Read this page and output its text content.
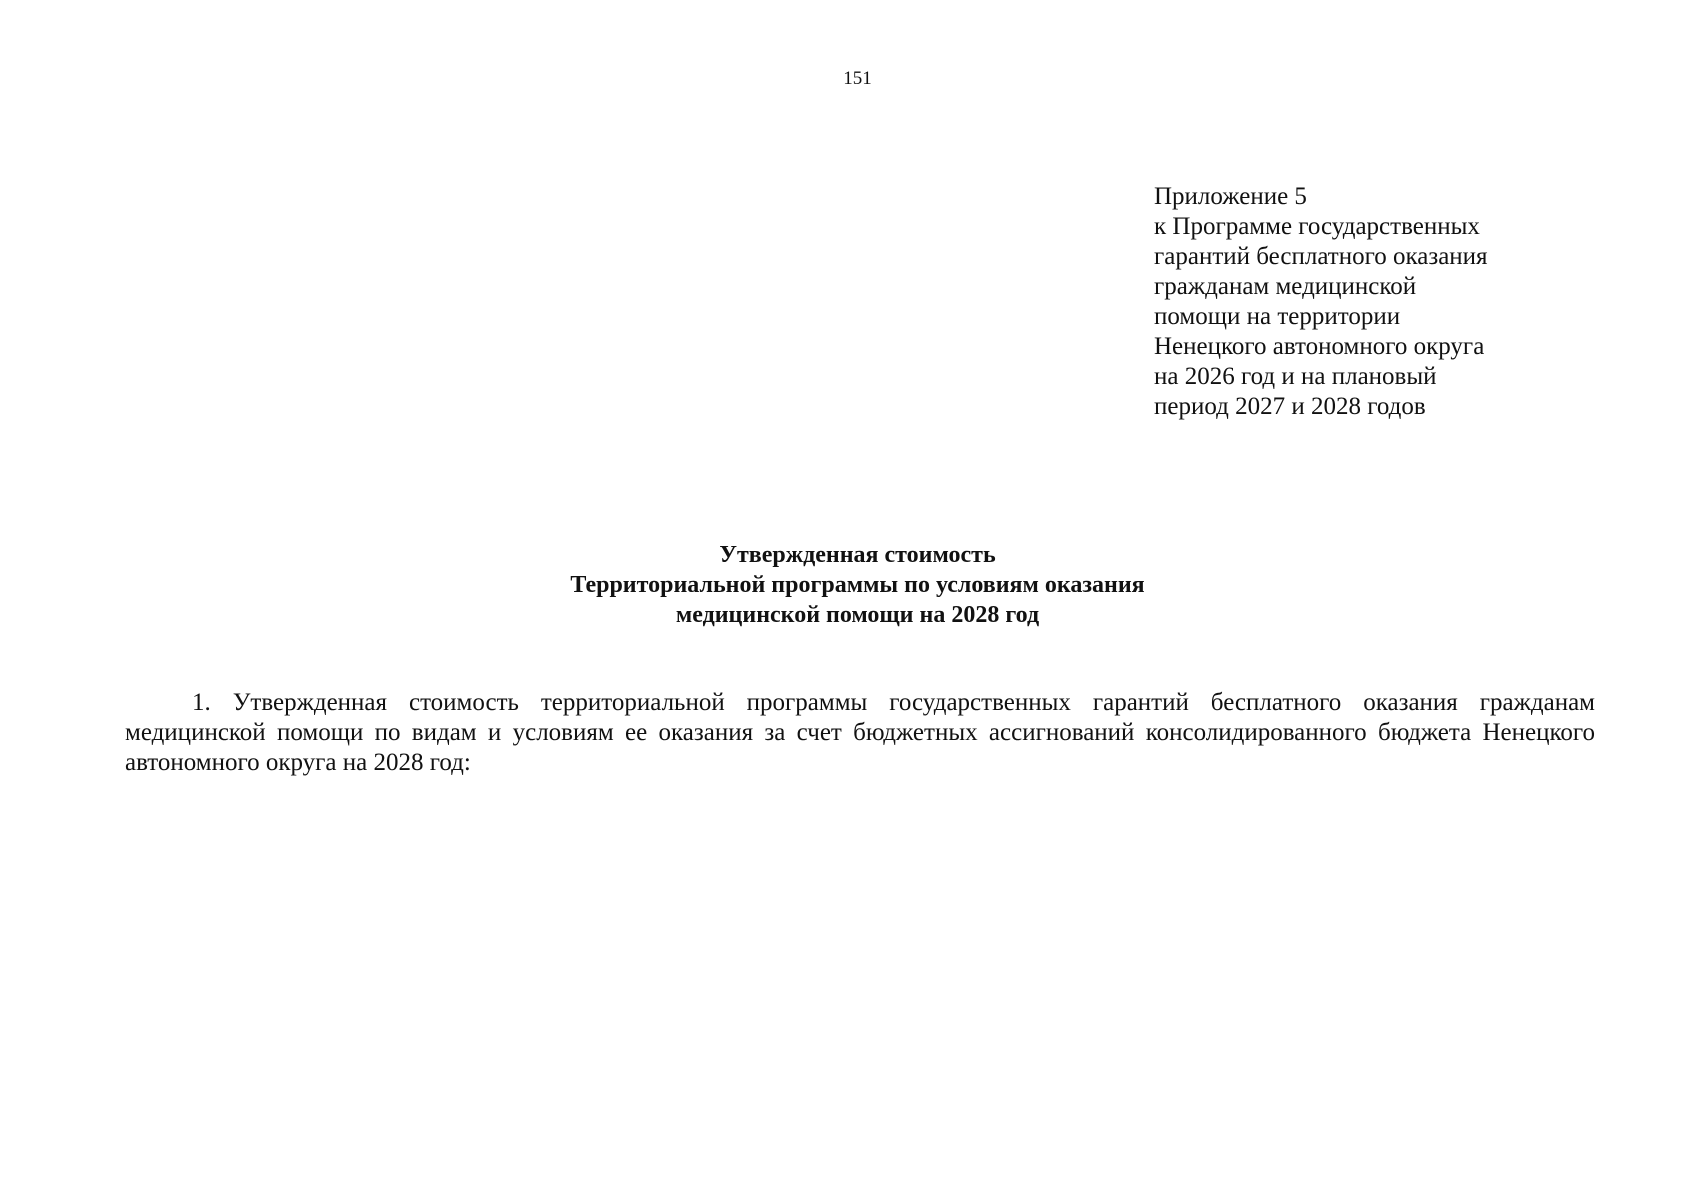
151
Приложение 5
к Программе государственных
гарантий бесплатного оказания
гражданам медицинской
помощи на территории
Ненецкого автономного округа
на 2026 год и на плановый
период 2027 и 2028 годов
Утвержденная стоимость
Территориальной программы по условиям оказания
медицинской помощи на 2028 год

1. Утвержденная стоимость территориальной программы государственных гарантий бесплатного оказания гражданам медицинской помощи по видам и условиям ее оказания за счет бюджетных ассигнований консолидированного бюджета Ненецкого автономного округа на 2028 год:
